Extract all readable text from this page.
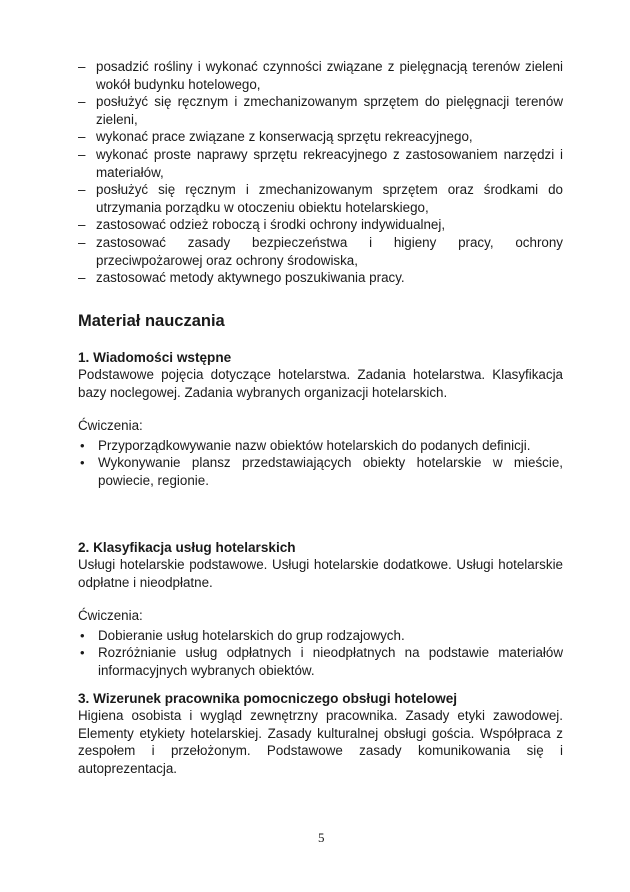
– posadzić rośliny i wykonać czynności związane z pielęgnacją terenów zieleni wokół budynku hotelowego,
– posłużyć się ręcznym i zmechanizowanym sprzętem do pielęgnacji terenów zieleni,
– wykonać prace związane z konserwacją sprzętu rekreacyjnego,
– wykonać proste naprawy sprzętu rekreacyjnego z zastosowaniem narzędzi i materiałów,
– posłużyć się ręcznym i zmechanizowanym sprzętem oraz środkami do utrzymania porządku w otoczeniu obiektu hotelarskiego,
– zastosować odzież roboczą i środki ochrony indywidualnej,
– zastosować zasady bezpieczeństwa i higieny pracy, ochrony przeciwpożarowej oraz ochrony środowiska,
– zastosować metody aktywnego poszukiwania pracy.
Materiał nauczania
1. Wiadomości wstępne

Podstawowe pojęcia dotyczące hotelarstwa. Zadania hotelarstwa. Klasyfikacja bazy noclegowej. Zadania wybranych organizacji hotelarskich.

Ćwiczenia:

• Przyporządkowywanie nazw obiektów hotelarskich do podanych definicji.
• Wykonywanie plansz przedstawiających obiekty hotelarskie w mieście, powiecie, regionie.
2. Klasyfikacja usług hotelarskich

Usługi hotelarskie podstawowe. Usługi hotelarskie dodatkowe. Usługi hotelarskie odpłatne i nieodpłatne.

Ćwiczenia:

• Dobieranie usług hotelarskich do grup rodzajowych.
• Rozróżnianie usług odpłatnych i nieodpłatnych na podstawie materiałów informacyjnych wybranych obiektów.
3. Wizerunek pracownika pomocniczego obsługi hotelowej

Higiena osobista i wygląd zewnętrzny pracownika. Zasady etyki zawodowej. Elementy etykiety hotelarskiej. Zasady kulturalnej obsługi gościa. Współpraca z zespołem i przełożonym. Podstawowe zasady komunikowania się i autoprezentacja.

5
